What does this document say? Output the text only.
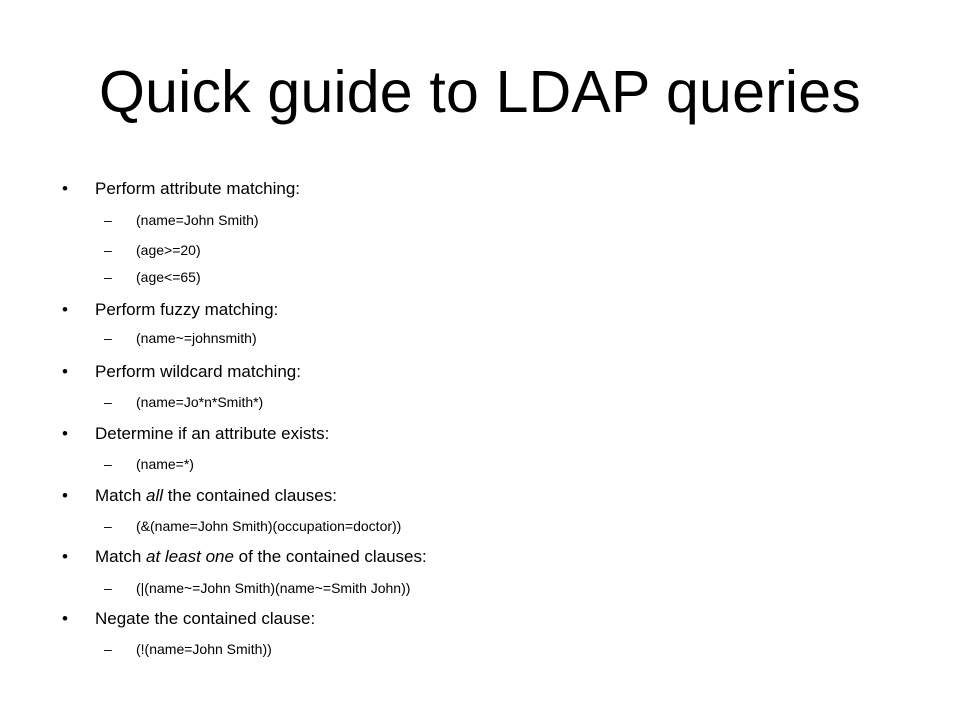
Quick guide to LDAP queries
• Perform attribute matching:
– (name=John Smith)
– (age>=20)
– (age<=65)
• Perform fuzzy matching:
– (name~=johnsmith)
• Perform wildcard matching:
– (name=Jo*n*Smith*)
• Determine if an attribute exists:
– (name=*)
• Match all the contained clauses:
– (&(name=John Smith)(occupation=doctor))
• Match at least one of the contained clauses:
– (|(name~=John Smith)(name~=Smith John))
• Negate the contained clause:
– (!(name=John Smith))
